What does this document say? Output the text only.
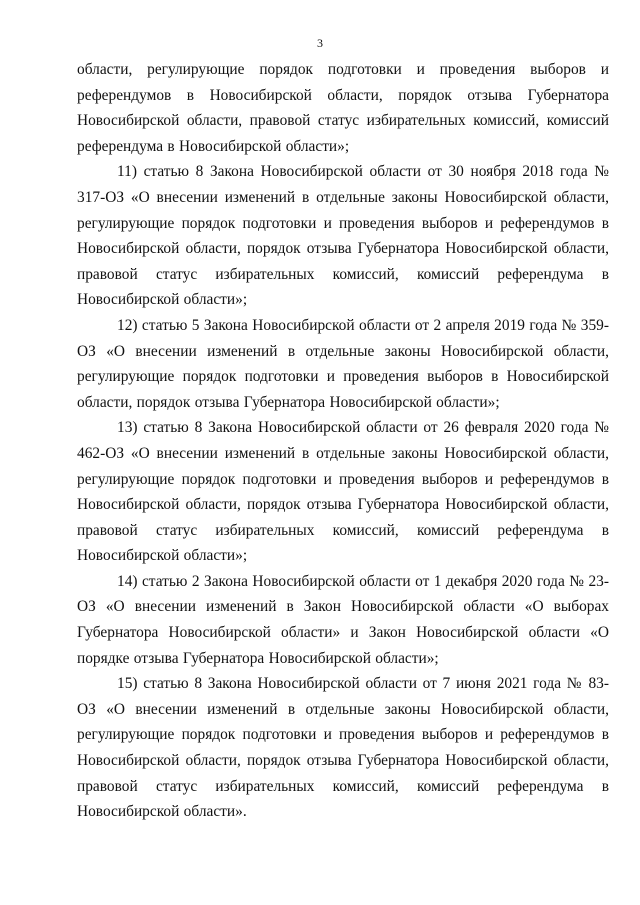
3

области, регулирующие порядок подготовки и проведения выборов и референдумов в Новосибирской области, порядок отзыва Губернатора Новосибирской области, правовой статус избирательных комиссий, комиссий референдума в Новосибирской области»;

11) статью 8 Закона Новосибирской области от 30 ноября 2018 года № 317-ОЗ «О внесении изменений в отдельные законы Новосибирской области, регулирующие порядок подготовки и проведения выборов и референдумов в Новосибирской области, порядок отзыва Губернатора Новосибирской области, правовой статус избирательных комиссий, комиссий референдума в Новосибирской области»;

12) статью 5 Закона Новосибирской области от 2 апреля 2019 года № 359-ОЗ «О внесении изменений в отдельные законы Новосибирской области, регулирующие порядок подготовки и проведения выборов в Новосибирской области, порядок отзыва Губернатора Новосибирской области»;

13) статью 8 Закона Новосибирской области от 26 февраля 2020 года № 462-ОЗ «О внесении изменений в отдельные законы Новосибирской области, регулирующие порядок подготовки и проведения выборов и референдумов в Новосибирской области, порядок отзыва Губернатора Новосибирской области, правовой статус избирательных комиссий, комиссий референдума в Новосибирской области»;

14) статью 2 Закона Новосибирской области от 1 декабря 2020 года № 23-ОЗ «О внесении изменений в Закон Новосибирской области «О выборах Губернатора Новосибирской области» и Закон Новосибирской области «О порядке отзыва Губернатора Новосибирской области»;

15) статью 8 Закона Новосибирской области от 7 июня 2021 года № 83-ОЗ «О внесении изменений в отдельные законы Новосибирской области, регулирующие порядок подготовки и проведения выборов и референдумов в Новосибирской области, порядок отзыва Губернатора Новосибирской области, правовой статус избирательных комиссий, комиссий референдума в Новосибирской области».
